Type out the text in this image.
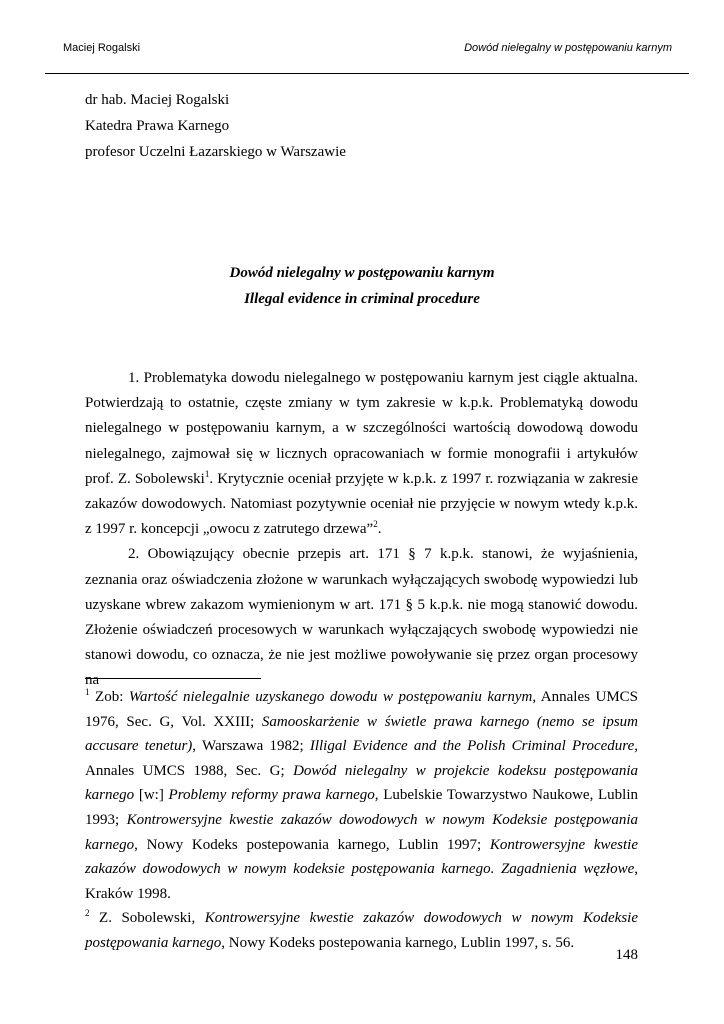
Maciej Rogalski	Dowód nielegalny w postępowaniu karnym
dr hab. Maciej Rogalski
Katedra Prawa Karnego
profesor Uczelni Łazarskiego w Warszawie
Dowód nielegalny w postępowaniu karnym
Illegal evidence in criminal procedure

1. Problematyka dowodu nielegalnego w postępowaniu karnym jest ciągle aktualna. Potwierdzają to ostatnie, częste zmiany w tym zakresie w k.p.k. Problematyką dowodu nielegalnego w postępowaniu karnym, a w szczególności wartością dowodową dowodu nielegalnego, zajmował się w licznych opracowaniach w formie monografii i artykułów prof. Z. Sobolewski$^1$. Krytycznie oceniał przyjęte w k.p.k. z 1997 r. rozwiązania w zakresie zakazów dowodowych. Natomiast pozytywnie oceniał nie przyjęcie w nowym wtedy k.p.k. z 1997 r. koncepcji „owocu z zatrutego drzewa”$^2$.

2. Obowiązujący obecnie przepis art. 171 § 7 k.p.k. stanowi, że wyjaśnienia, zeznania oraz oświadczenia złożone w warunkach wyłączających swobodę wypowiedzi lub uzyskane wbrew zakazom wymienionym w art. 171 § 5 k.p.k. nie mogą stanowić dowodu. Złożenie oświadczeń procesowych w warunkach wyłączających swobodę wypowiedzi nie stanowi dowodu, co oznacza, że nie jest możliwe powoływanie się przez organ procesowy na

$^1$ Zob: Wartość nielegalnie uzyskanego dowodu w postępowaniu karnym, Annales UMCS 1976, Sec. G, Vol. XXIII; Samooskarżenie w świetle prawa karnego (nemo se ipsum accusare tenetur), Warszawa 1982; Illigal Evidence and the Polish Criminal Procedure, Annales UMCS 1988, Sec. G; Dowód nielegalny w projekcie kodeksu postępowania karnego [w:] Problemy reformy prawa karnego, Lubelskie Towarzystwo Naukowe, Lublin 1993; Kontrowersyjne kwestie zakazów dowodowych w nowym Kodeksie postępowania karnego, Nowy Kodeks postepowania karnego, Lublin 1997; Kontrowersyjne kwestie zakazów dowodowych w nowym kodeksie postępowania karnego. Zagadnienia węzłowe, Kraków 1998.

$^2$ Z. Sobolewski, Kontrowersyjne kwestie zakazów dowodowych w nowym Kodeksie postępowania karnego, Nowy Kodeks postepowania karnego, Lublin 1997, s. 56.

148
